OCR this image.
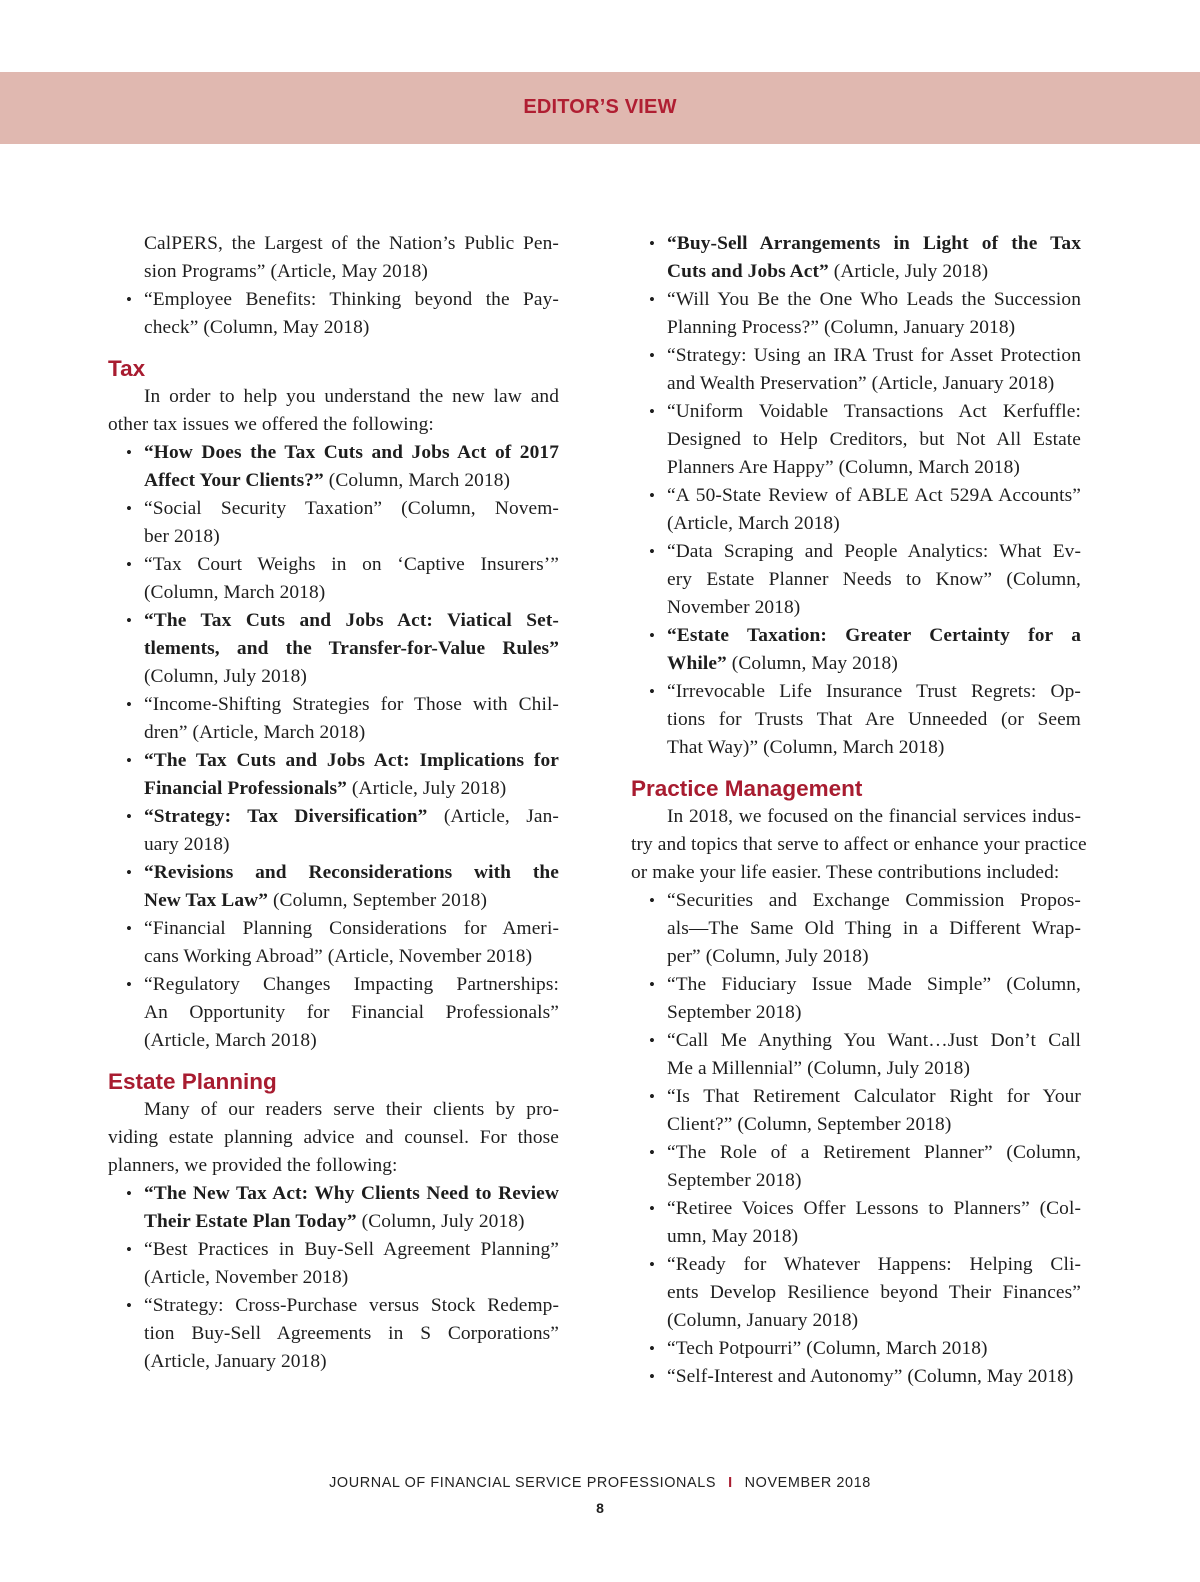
EDITOR’S VIEW
CalPERS, the Largest of the Nation’s Public Pen-
sion Programs” (Article, May 2018)
• “Employee Benefits: Thinking beyond the Pay-
check” (Column, May 2018)
Tax
In order to help you understand the new law and
other tax issues we offered the following:
• “How Does the Tax Cuts and Jobs Act of 2017
Affect Your Clients?” (Column, March 2018)
• “Social Security Taxation” (Column, Novem-
ber 2018)
• “Tax Court Weighs in on ‘Captive Insurers’”
(Column, March 2018)
• “The Tax Cuts and Jobs Act: Viatical Set-
tlements, and the Transfer-for-Value Rules”
(Column, July 2018)
• “Income-Shifting Strategies for Those with Chil-
dren” (Article, March 2018)
• “The Tax Cuts and Jobs Act: Implications for
Financial Professionals” (Article, July 2018)
• “Strategy: Tax Diversification” (Article, Jan-
uary 2018)
• “Revisions and Reconsiderations with the
New Tax Law” (Column, September 2018)
• “Financial Planning Considerations for Ameri-
cans Working Abroad” (Article, November 2018)
• “Regulatory Changes Impacting Partnerships:
An Opportunity for Financial Professionals”
(Article, March 2018)
Estate Planning
Many of our readers serve their clients by pro-
viding estate planning advice and counsel. For those
planners, we provided the following:
• “The New Tax Act: Why Clients Need to Review
Their Estate Plan Today” (Column, July 2018)
• “Best Practices in Buy-Sell Agreement Planning”
(Article, November 2018)
• “Strategy: Cross-Purchase versus Stock Redemp-
tion Buy-Sell Agreements in S Corporations”
(Article, January 2018)
• “Buy-Sell Arrangements in Light of the Tax
Cuts and Jobs Act” (Article, July 2018)
• “Will You Be the One Who Leads the Succession
Planning Process?” (Column, January 2018)
• “Strategy: Using an IRA Trust for Asset Protection
and Wealth Preservation” (Article, January 2018)
• “Uniform Voidable Transactions Act Kerfuffle:
Designed to Help Creditors, but Not All Estate
Planners Are Happy” (Column, March 2018)
• “A 50-State Review of ABLE Act 529A Accounts”
(Article, March 2018)
• “Data Scraping and People Analytics: What Ev-
ery Estate Planner Needs to Know” (Column,
November 2018)
• “Estate Taxation: Greater Certainty for a
While” (Column, May 2018)
• “Irrevocable Life Insurance Trust Regrets: Op-
tions for Trusts That Are Unneeded (or Seem
That Way)” (Column, March 2018)
Practice Management
In 2018, we focused on the financial services indus-
try and topics that serve to affect or enhance your practice
or make your life easier. These contributions included:
• “Securities and Exchange Commission Propos-
als—The Same Old Thing in a Different Wrap-
per” (Column, July 2018)
• “The Fiduciary Issue Made Simple” (Column,
September 2018)
• “Call Me Anything You Want…Just Don’t Call
Me a Millennial” (Column, July 2018)
• “Is That Retirement Calculator Right for Your
Client?” (Column, September 2018)
• “The Role of a Retirement Planner” (Column,
September 2018)
• “Retiree Voices Offer Lessons to Planners” (Col-
umn, May 2018)
• “Ready for Whatever Happens: Helping Cli-
ents Develop Resilience beyond Their Finances”
(Column, January 2018)
• “Tech Potpourri” (Column, March 2018)
• “Self-Interest and Autonomy” (Column, May 2018)
JOURNAL OF FINANCIAL SERVICE PROFESSIONALS I NOVEMBER 2018
8
